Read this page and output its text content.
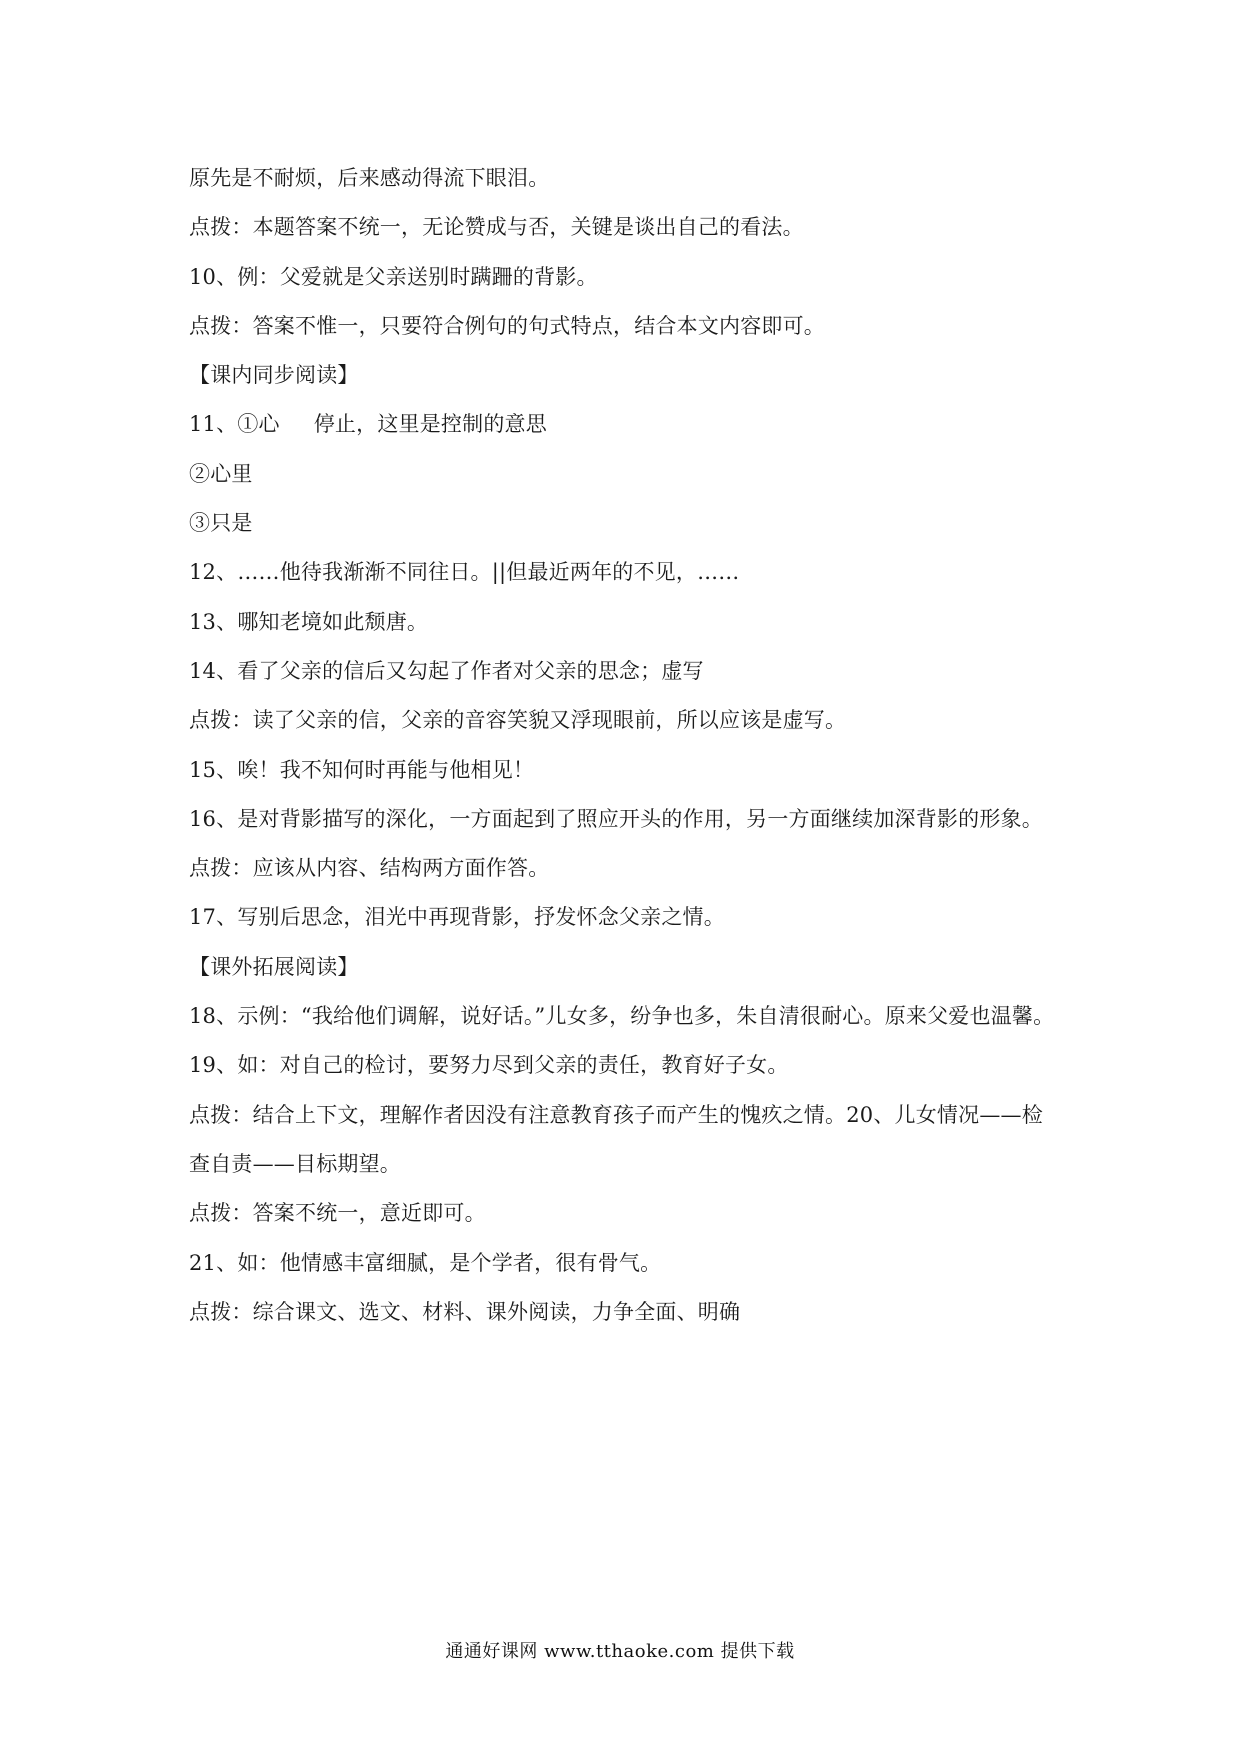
原先是不耐烦，后来感动得流下眼泪。
点拨：本题答案不统一，无论赞成与否，关键是谈出自己的看法。
10、例：父爱就是父亲送别时蹒跚的背影。
点拨：答案不惟一，只要符合例句的句式特点，结合本文内容即可。
【课内同步阅读】
11、①心 停止，这里是控制的意思
②心里
③只是
12、……他待我渐渐不同往日。||但最近两年的不见，……
13、哪知老境如此颓唐。
14、看了父亲的信后又勾起了作者对父亲的思念；虚写
点拨：读了父亲的信，父亲的音容笑貌又浮现眼前，所以应该是虚写。
15、唉！我不知何时再能与他相见！
16、是对背影描写的深化，一方面起到了照应开头的作用，另一方面继续加深背影的形象。
点拨：应该从内容、结构两方面作答。
17、写别后思念，泪光中再现背影，抒发怀念父亲之情。
【课外拓展阅读】
18、示例：“我给他们调解，说好话。”儿女多，纷争也多，朱自清很耐心。原来父爱也温馨。
19、如：对自己的检讨，要努力尽到父亲的责任，教育好子女。
点拨：结合上下文，理解作者因没有注意教育孩子而产生的愧疚之情。20、儿女情况——检
查自责——目标期望。
点拨：答案不统一，意近即可。
21、如：他情感丰富细腻，是个学者，很有骨气。
点拨：综合课文、选文、材料、课外阅读，力争全面、明确
通通好课网 www.tthaoke.com 提供下载
